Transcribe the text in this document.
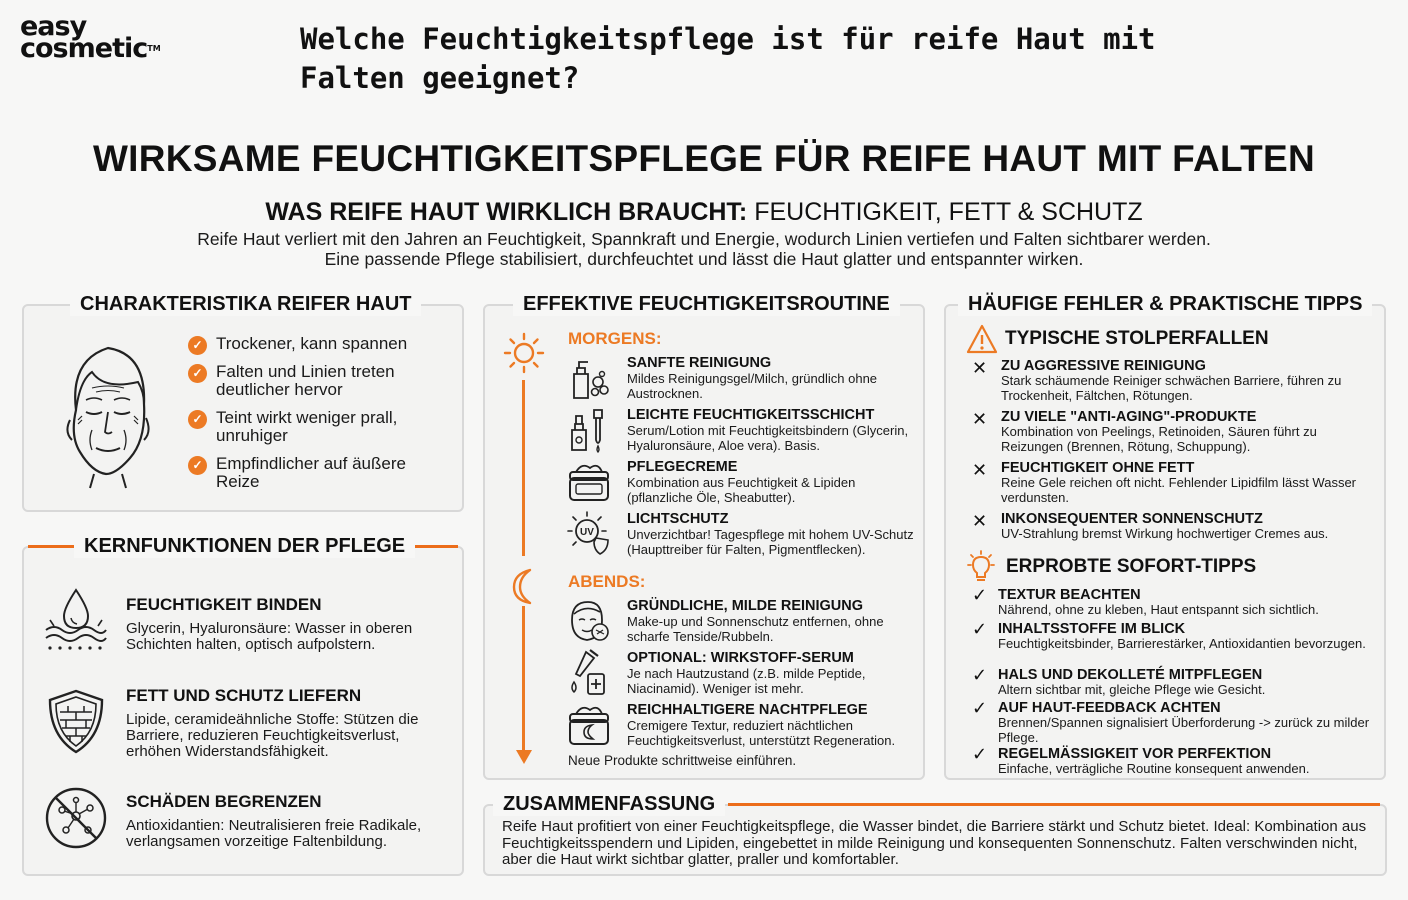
easy
cosmetic™	Welche Feuchtigkeitspflege ist für reife Haut mit Falten geeignet?
WIRKSAME FEUCHTIGKEITSPFLEGE FÜR REIFE HAUT MIT FALTEN
WAS REIFE HAUT WIRKLICH BRAUCHT: FEUCHTIGKEIT, FETT & SCHUTZ
Reife Haut verliert mit den Jahren an Feuchtigkeit, Spannkraft und Energie, wodurch Linien vertiefen und Falten sichtbarer werden. Eine passende Pflege stabilisiert, durchfeuchtet und lässt die Haut glatter und entspannter wirken.
CHARAKTERISTIKA REIFER HAUT
✓ Trockener, kann spannen
✓ Falten und Linien treten deutlicher hervor
✓ Teint wirkt weniger prall, unruhiger
✓ Empfindlicher auf äußere Reize
KERNFUNKTIONEN DER PFLEGE
FEUCHTIGKEIT BINDEN
Glycerin, Hyaluronsäure: Wasser in oberen Schichten halten, optisch aufpolstern.
FETT UND SCHUTZ LIEFERN
Lipide, ceramideähnliche Stoffe: Stützen die Barriere, reduzieren Feuchtigkeitsverlust, erhöhen Widerstandsfähigkeit.
SCHÄDEN BEGRENZEN
Antioxidantien: Neutralisieren freie Radikale, verlangsamen vorzeitige Faltenbildung.
EFFEKTIVE FEUCHTIGKEITSROUTINE
MORGENS:
SANFTE REINIGUNG
Mildes Reinigungsgel/Milch, gründlich ohne Austrocknen.
LEICHTE FEUCHTIGKEITSSCHICHT
Serum/Lotion mit Feuchtigkeitsbindern (Glycerin, Hyaluronsäure, Aloe vera). Basis.
PFLEGECREME
Kombination aus Feuchtigkeit & Lipiden (pflanzliche Öle, Sheabutter).
UV
LICHTSCHUTZ
Unverzichtbar! Tagespflege mit hohem UV-Schutz (Haupttreiber für Falten, Pigmentflecken).
ABENDS:
GRÜNDLICHE, MILDE REINIGUNG
Make-up und Sonnenschutz entfernen, ohne scharfe Tenside/Rubbeln.
OPTIONAL: WIRKSTOFF-SERUM
Je nach Hautzustand (z.B. milde Peptide, Niacinamid). Weniger ist mehr.
REICHHALTIGERE NACHTPFLEGE
Cremigere Textur, reduziert nächtlichen Feuchtigkeitsverlust, unterstützt Regeneration.
Neue Produkte schrittweise einführen.
HÄUFIGE FEHLER & PRAKTISCHE TIPPS
TYPISCHE STOLPERFALLEN
✕ ZU AGGRESSIVE REINIGUNG
Stark schäumende Reiniger schwächen Barriere, führen zu Trockenheit, Fältchen, Rötungen.
✕ ZU VIELE "ANTI-AGING"-PRODUKTE
Kombination von Peelings, Retinoiden, Säuren führt zu Reizungen (Brennen, Rötung, Schuppung).
✕ FEUCHTIGKEIT OHNE FETT
Reine Gele reichen oft nicht. Fehlender Lipidfilm lässt Wasser verdunsten.
✕ INKONSEQUENTER SONNENSCHUTZ
UV-Strahlung bremst Wirkung hochwertiger Cremes aus.
ERPROBTE SOFORT-TIPPS
✓ TEXTUR BEACHTEN
Nährend, ohne zu kleben, Haut entspannt sich sichtlich.
✓ INHALTSSTOFFE IM BLICK
Feuchtigkeitsbinder, Barrierestärker, Antioxidantien bevorzugen.
✓ HALS UND DEKOLLETÉ MITPFLEGEN
Altern sichtbar mit, gleiche Pflege wie Gesicht.
✓ AUF HAUT-FEEDBACK ACHTEN
Brennen/Spannen signalisiert Überforderung -> zurück zu milder Pflege.
✓ REGELMÄSSIGKEIT VOR PERFEKTION
Einfache, verträgliche Routine konsequent anwenden.
ZUSAMMENFASSUNG
Reife Haut profitiert von einer Feuchtigkeitspflege, die Wasser bindet, die Barriere stärkt und Schutz bietet. Ideal: Kombination aus Feuchtigkeitsspendern und Lipiden, eingebettet in milde Reinigung und konsequenten Sonnenschutz. Falten verschwinden nicht, aber die Haut wirkt sichtbar glatter, praller und komfortabler.
